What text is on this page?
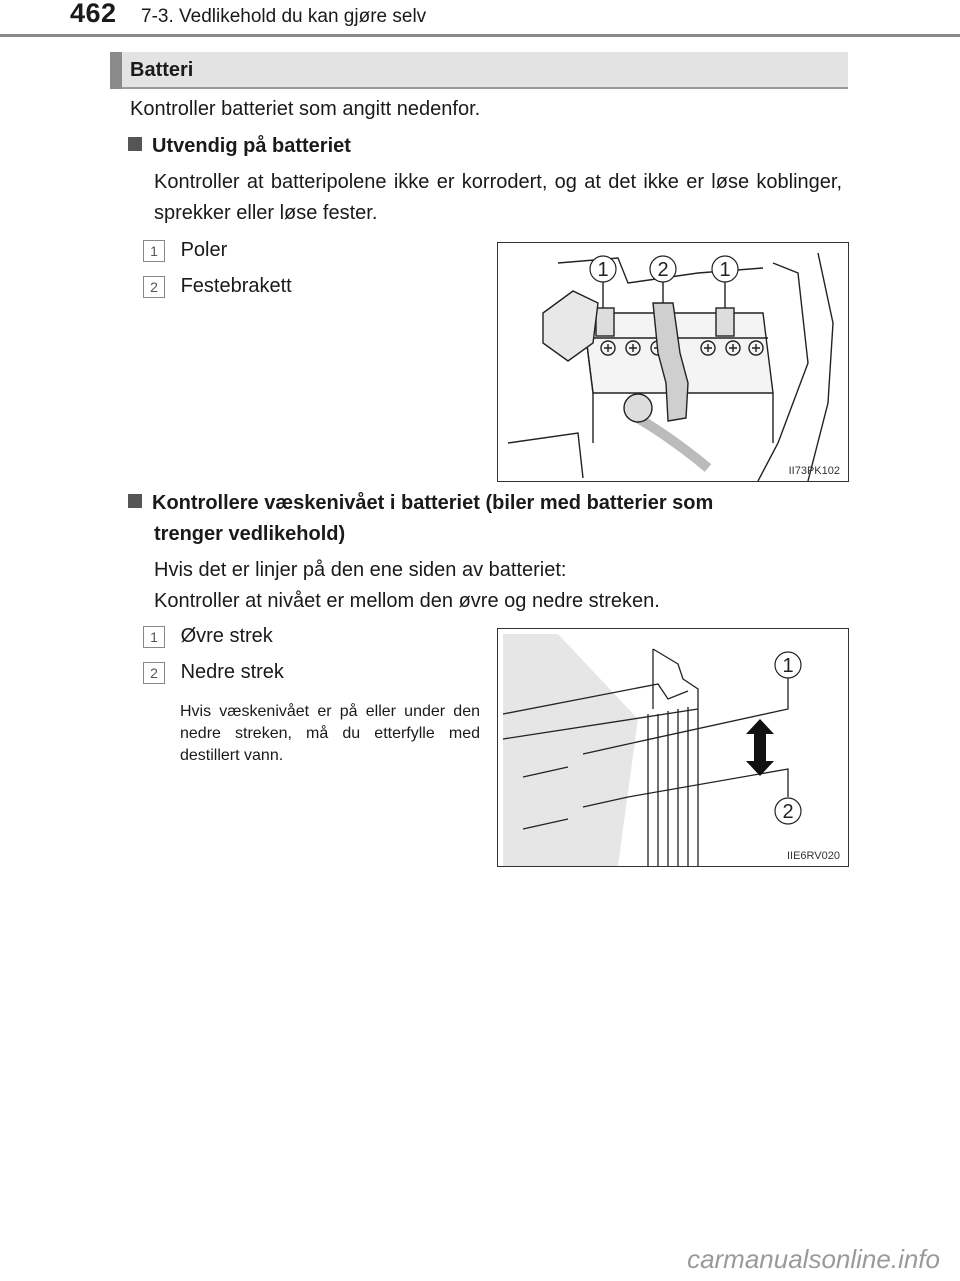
462 7-3. Vedlikehold du kan gjøre selv
Batteri
Kontroller batteriet som angitt nedenfor.
Utvendig på batteriet
Kontroller at batteripolene ikke er korrodert, og at det ikke er løse koblinger, sprekker eller løse fester.
1 Poler
2 Festebrakett
1 2	1
II73PK102
Kontrollere væskenivået i batteriet (biler med batterier som
trenger vedlikehold)
Hvis det er linjer på den ene siden av batteriet:
Kontroller at nivået er mellom den øvre og nedre streken.
1 Øvre strek
2 Nedre strek
Hvis væskenivået er på eller under den nedre streken, må du etterfylle med destillert vann.
1
2
IIE6RV020
carmanualsonline.info
